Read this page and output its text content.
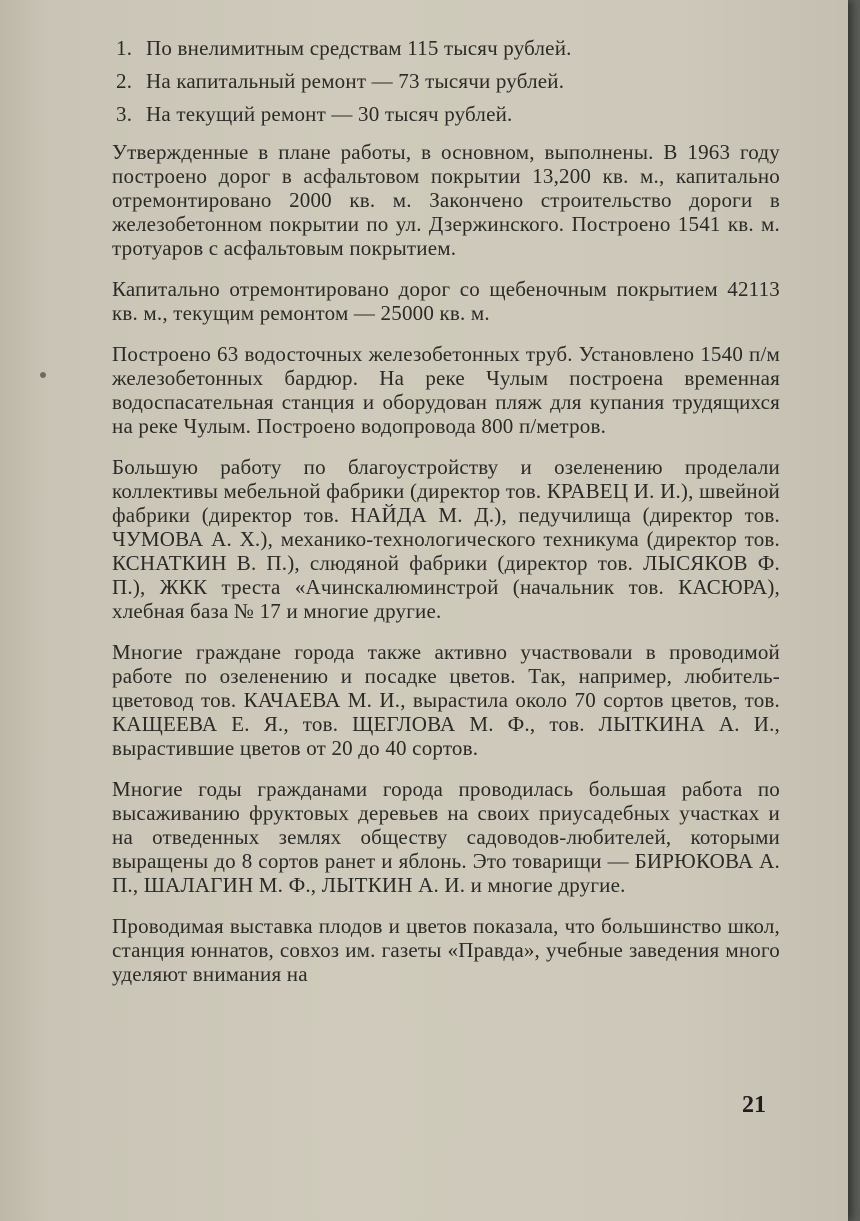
1. По внелимитным средствам 115 тысяч рублей.
2. На капитальный ремонт — 73 тысячи рублей.
3. На текущий ремонт — 30 тысяч рублей.

Утвержденные в плане работы, в основном, выполнены. В 1963 году построено дорог в асфальтовом покрытии 13,200 кв. м., капитально отремонтировано 2000 кв. м. Закончено строительство дороги в железобетонном покрытии по ул. Дзержинского. Построено 1541 кв. м. тротуаров с асфальтовым покрытием.

Капитально отремонтировано дорог со щебеночным покрытием 42113 кв. м., текущим ремонтом — 25000 кв. м.

Построено 63 водосточных железобетонных труб. Установлено 1540 п/м железобетонных бардюр. На реке Чулым построена временная водоспасательная станция и оборудован пляж для купания трудящихся на реке Чулым. Построено водопровода 800 п/метров.

Большую работу по благоустройству и озеленению проделали коллективы мебельной фабрики (директор тов. КРАВЕЦ И. И.), швейной фабрики (директор тов. НАЙДА М. Д.), педучилища (директор тов. ЧУМОВА А. Х.), механико-технологического техникума (директор тов. КСНАТКИН В. П.), слюдяной фабрики (директор тов. ЛЫСЯКОВ Ф. П.), ЖКК треста «Ачинскалюминстрой (начальник тов. КАСЮРА), хлебная база № 17 и многие другие.

Многие граждане города также активно участвовали в проводимой работе по озеленению и посадке цветов. Так, например, любитель-цветовод тов. КАЧАЕВА М. И., вырастила около 70 сортов цветов, тов. КАЩЕЕВА Е. Я., тов. ЩЕГЛОВА М. Ф., тов. ЛЫТКИНА А. И., вырастившие цветов от 20 до 40 сортов.

Многие годы гражданами города проводилась большая работа по высаживанию фруктовых деревьев на своих приусадебных участках и на отведенных землях обществу садоводов-любителей, которыми выращены до 8 сортов ранет и яблонь. Это товарищи — БИРЮКОВА А. П., ШАЛАГИН М. Ф., ЛЫТКИН А. И. и многие другие.

Проводимая выставка плодов и цветов показала, что большинство школ, станция юннатов, совхоз им. газеты «Правда», учебные заведения много уделяют внимания на

21
